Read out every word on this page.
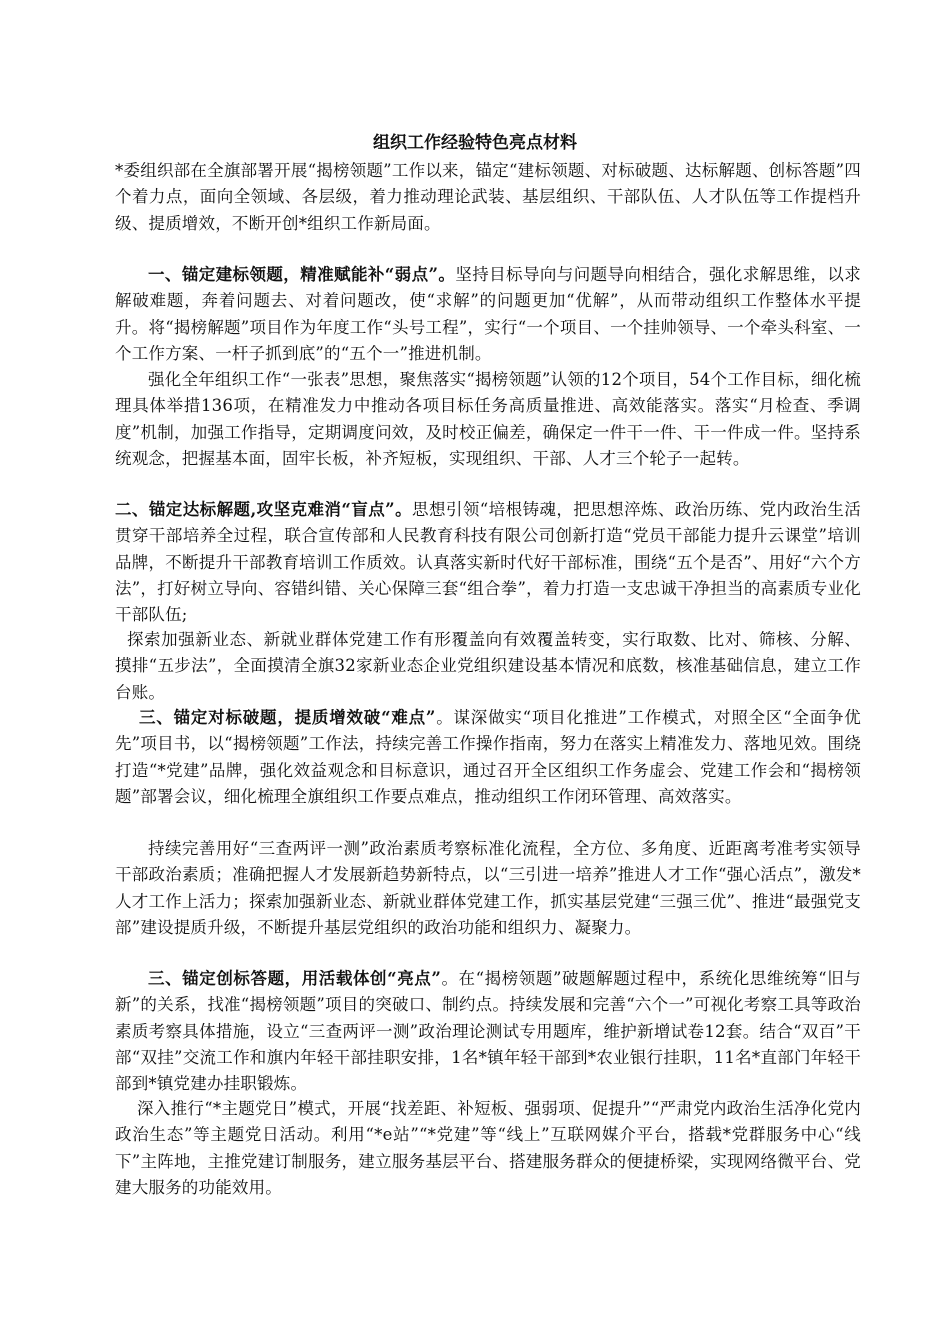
组织工作经验特色亮点材料

*委组织部在全旗部署开展“揭榜领题”工作以来，锚定“建标领题、对标破题、达标解题、创标答题”四个着力点，面向全领域、各层级，着力推动理论武装、基层组织、干部队伍、人才队伍等工作提档升级、提质增效，不断开创*组织工作新局面。

一、锚定建标领题，精准赋能补“弱点”。坚持目标导向与问题导向相结合，强化求解思维，以求解破难题，奔着问题去、对着问题改，使“求解”的问题更加“优解”，从而带动组织工作整体水平提升。将“揭榜解题”项目作为年度工作“头号工程”，实行“一个项目、一个挂帅领导、一个牵头科室、一个工作方案、一杆子抓到底”的“五个一”推进机制。

强化全年组织工作“一张表”思想，聚焦落实“揭榜领题”认领的12个项目，54个工作目标，细化梳理具体举措136项，在精准发力中推动各项目标任务高质量推进、高效能落实。落实“月检查、季调度”机制，加强工作指导，定期调度问效，及时校正偏差，确保定一件干一件、干一件成一件。坚持系统观念，把握基本面，固牢长板，补齐短板，实现组织、干部、人才三个轮子一起转。

二、锚定达标解题,攻坚克难消“盲点”。思想引领“培根铸魂，把思想淬炼、政治历练、党内政治生活贯穿干部培养全过程，联合宣传部和人民教育科技有限公司创新打造“党员干部能力提升云课堂”培训品牌，不断提升干部教育培训工作质效。认真落实新时代好干部标准，围绕“五个是否”、用好“六个方法”，打好树立导向、容错纠错、关心保障三套“组合拳”，着力打造一支忠诚干净担当的高素质专业化干部队伍;

探索加强新业态、新就业群体党建工作有形覆盖向有效覆盖转变，实行取数、比对、筛核、分解、摸排“五步法”，全面摸清全旗32家新业态企业党组织建设基本情况和底数，核准基础信息，建立工作台账。

三、锚定对标破题，提质增效破“难点”。谋深做实“项目化推进”工作模式，对照全区“全面争优先”项目书，以“揭榜领题”工作法，持续完善工作操作指南，努力在落实上精准发力、落地见效。围绕打造“*党建”品牌，强化效益观念和目标意识，通过召开全区组织工作务虚会、党建工作会和“揭榜领题”部署会议，细化梳理全旗组织工作要点难点，推动组织工作闭环管理、高效落实。

持续完善用好“三查两评一测”政治素质考察标准化流程，全方位、多角度、近距离考准考实领导干部政治素质；准确把握人才发展新趋势新特点，以“三引进一培养”推进人才工作“强心活点”，激发*人才工作上活力；探索加强新业态、新就业群体党建工作，抓实基层党建“三强三优”、推进“最强党支部”建设提质升级，不断提升基层党组织的政治功能和组织力、凝聚力。

三、锚定创标答题，用活载体创“亮点”。在“揭榜领题”破题解题过程中，系统化思维统筹“旧与新”的关系，找准“揭榜领题”项目的突破口、制约点。持续发展和完善“六个一”可视化考察工具等政治素质考察具体措施，设立“三查两评一测”政治理论测试专用题库，维护新增试卷12套。结合“双百”干部“双挂”交流工作和旗内年轻干部挂职安排，1名*镇年轻干部到*农业银行挂职，11名*直部门年轻干部到*镇党建办挂职锻炼。

深入推行“*主题党日”模式，开展“找差距、补短板、强弱项、促提升”“严肃党内政治生活净化党内政治生态”等主题党日活动。利用“*e站”“*党建”等“线上”互联网媒介平台，搭载*党群服务中心“线下”主阵地，主推党建订制服务，建立服务基层平台、搭建服务群众的便捷桥梁，实现网络微平台、党建大服务的功能效用。
